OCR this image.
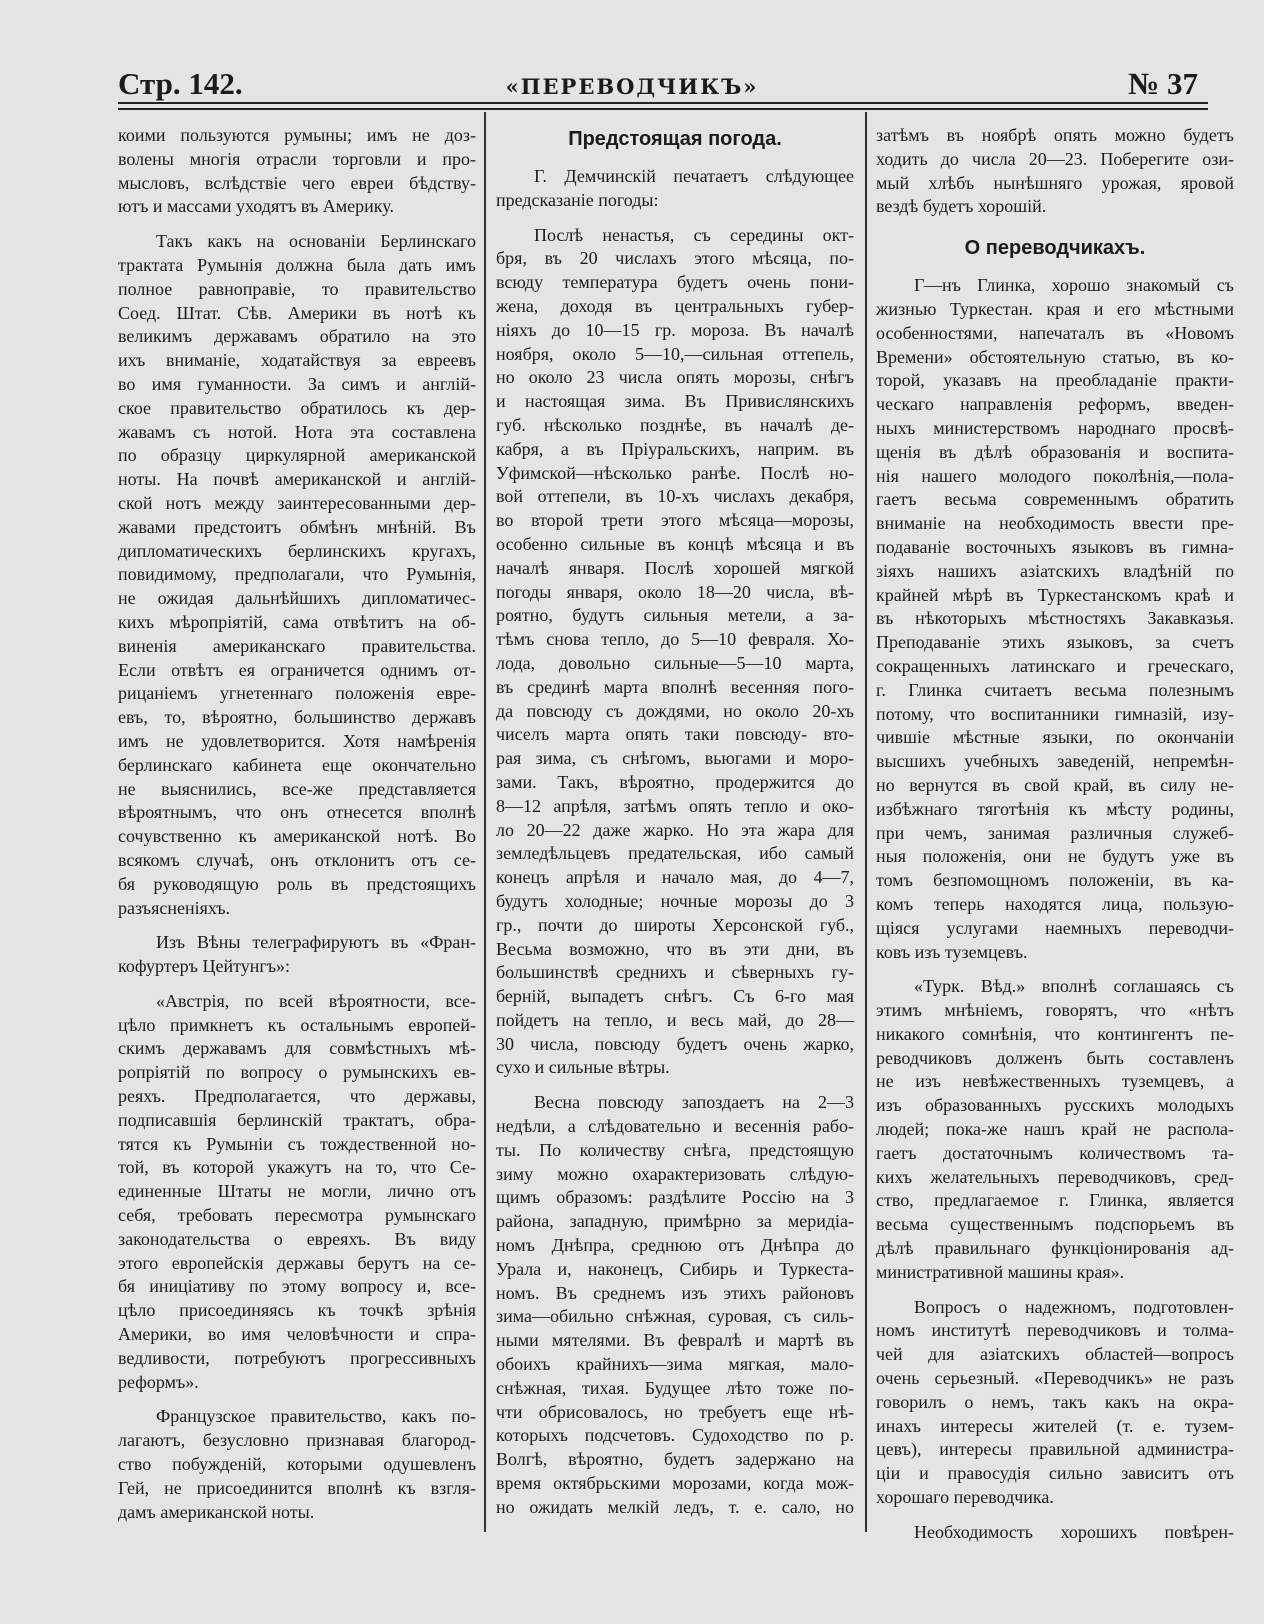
Стр. 142.	«ПЕРЕВОДЧИКЪ»	№ 37
коими пользуются румыны; имъ не доз-
волены многія отрасли торговли и про-
мысловъ, вслѣдствіе чего евреи бѣдству-
ютъ и массами уходятъ въ Америку.
Такъ какъ на основаніи Берлинскаго
трактата Румынія должна была дать имъ
полное равноправіе, то правительство
Соед. Штат. Сѣв. Америки въ нотѣ къ
великимъ державамъ обратило на это
ихъ вниманіе, ходатайствуя за евреевъ
во имя гуманности. За симъ и англій-
ское правительство обратилось къ дер-
жавамъ съ нотой. Нота эта составлена
по образцу циркулярной американской
ноты. На почвѣ американской и англій-
ской нотъ между заинтересованными дер-
жавами предстоитъ обмѣнъ мнѣній. Въ
дипломатическихъ берлинскихъ кругахъ,
повидимому, предполагали, что Румынія,
не ожидая дальнѣйшихъ дипломатичес-
кихъ мѣропріятій, сама отвѣтитъ на об-
виненія американскаго правительства.
Если отвѣтъ ея ограничется однимъ от-
рицаніемъ угнетеннаго положенія евре-
евъ, то, вѣроятно, большинство державъ
имъ не удовлетворится. Хотя намѣренія
берлинскаго кабинета еще окончательно
не выяснились, все-же представляется
вѣроятнымъ, что онъ отнесется вполнѣ
сочувственно къ американской нотѣ. Во
всякомъ случаѣ, онъ отклонитъ отъ се-
бя руководящую роль въ предстоящихъ
разъясненіяхъ.
Изъ Вѣны телеграфируютъ въ «Фран-
кофуртеръ Цейтунгъ»:
«Австрія, по всей вѣроятности, все-
цѣло примкнетъ къ остальнымъ европей-
скимъ державамъ для совмѣстныхъ мѣ-
ропріятій по вопросу о румынскихъ ев-
реяхъ. Предполагается, что державы,
подписавшія берлинскій трактатъ, обра-
тятся къ Румыніи съ тождественной но-
той, въ которой укажутъ на то, что Се-
единенные Штаты не могли, лично отъ
себя, требовать пересмотра румынскаго
законодательства о евреяхъ. Въ виду
этого европейскія державы берутъ на се-
бя иниціативу по этому вопросу и, все-
цѣло присоединяясь къ точкѣ зрѣнія
Америки, во имя человѣчности и спра-
ведливости, потребуютъ прогрессивныхъ
реформъ».
Французское правительство, какъ по-
лагаютъ, безусловно признавая благород-
ство побужденій, которыми одушевленъ
Гей, не присоединится вполнѣ къ взгля-
дамъ американской ноты.
Предстоящая погода.
Г. Демчинскій печатаетъ слѣдующее
предсказаніе погоды:
Послѣ ненастья, съ середины окт-
бря, въ 20 числахъ этого мѣсяца, по-
всюду температура будетъ очень пони-
жена, доходя въ центральныхъ губер-
ніяхъ до 10—15 гр. мороза. Въ началѣ
ноября, около 5—10,—сильная оттепель,
но около 23 числа опять морозы, снѣгъ
и настоящая зима. Въ Привислянскихъ
губ. нѣсколько позднѣе, въ началѣ де-
кабря, а въ Пріуральскихъ, наприм. въ
Уфимской—нѣсколько ранѣе. Послѣ но-
вой оттепели, въ 10-хъ числахъ декабря,
во второй трети этого мѣсяца—морозы,
особенно сильные въ концѣ мѣсяца и въ
началѣ января. Послѣ хорошей мягкой
погоды января, около 18—20 числа, вѣ-
роятно, будутъ сильныя метели, а за-
тѣмъ снова тепло, до 5—10 февраля. Хо-
лода, довольно сильные—5—10 марта,
въ срединѣ марта вполнѣ весенняя пого-
да повсюду съ дождями, но около 20-хъ
чиселъ марта опять таки повсюду- вто-
рая зима, съ снѣгомъ, вьюгами и моро-
зами. Такъ, вѣроятно, продержится до
8—12 апрѣля, затѣмъ опять тепло и око-
ло 20—22 даже жарко. Но эта жара для
земледѣльцевъ предательская, ибо самый
конецъ апрѣля и начало мая, до 4—7,
будутъ холодные; ночные морозы до 3
гр., почти до широты Херсонской губ.,
Весьма возможно, что въ эти дни, въ
большинствѣ среднихъ и сѣверныхъ гу-
берній, выпадетъ снѣгъ. Съ 6-го мая
пойдетъ на тепло, и весь май, до 28—
30 числа, повсюду будетъ очень жарко,
сухо и сильные вѣтры.
Весна повсюду запоздаетъ на 2—3
недѣли, а слѣдовательно и весеннія рабо-
ты. По количеству снѣга, предстоящую
зиму можно охарактеризовать слѣдую-
щимъ образомъ: раздѣлите Россію на 3
района, западную, примѣрно за меридіа-
номъ Днѣпра, среднюю отъ Днѣпра до
Урала и, наконецъ, Сибирь и Туркеста-
номъ. Въ среднемъ изъ этихъ районовъ
зима—обильно снѣжная, суровая, съ силь-
ными мятелями. Въ февралѣ и мартѣ въ
обоихъ крайнихъ—зима мягкая, мало-
снѣжная, тихая. Будущее лѣто тоже по-
чти обрисовалось, но требуетъ еще нѣ-
которыхъ подсчетовъ. Судоходство по р.
Волгѣ, вѣроятно, будетъ задержано на
время октябрьскими морозами, когда мож-
но ожидать мелкій ледъ, т. е. сало, но
затѣмъ въ ноябрѣ опять можно будетъ
ходить до числа 20—23. Поберегите ози-
мый хлѣбъ нынѣшняго урожая, яровой
вездѣ будетъ хорошій.
О переводчикахъ.
Г—нъ Глинка, хорошо знакомый съ
жизнью Туркестан. края и его мѣстными
особенностями, напечаталъ въ «Новомъ
Времени» обстоятельную статью, въ ко-
торой, указавъ на преобладаніе практи-
ческаго направленія реформъ, введен-
ныхъ министерствомъ народнаго просвѣ-
щенія въ дѣлѣ образованія и воспита-
нія нашего молодого поколѣнія,—пола-
гаетъ весьма современнымъ обратить
вниманіе на необходимость ввести пре-
подаваніе восточныхъ языковъ въ гимна-
зіяхъ нашихъ азіатскихъ владѣній по
крайней мѣрѣ въ Туркестанскомъ краѣ и
въ нѣкоторыхъ мѣстностяхъ Закавказья.
Преподаваніе этихъ языковъ, за счетъ
сокращенныхъ латинскаго и греческаго,
г. Глинка считаетъ весьма полезнымъ
потому, что воспитанники гимназій, изу-
чившіе мѣстные языки, по окончаніи
высшихъ учебныхъ заведеній, непремѣн-
но вернутся въ свой край, въ силу не-
избѣжнаго тяготѣнія къ мѣсту родины,
при чемъ, занимая различныя служеб-
ныя положенія, они не будутъ уже въ
томъ безпомощномъ положеніи, въ ка-
комъ теперь находятся лица, пользую-
щіяся услугами наемныхъ переводчи-
ковъ изъ туземцевъ.
«Турк. Вѣд.» вполнѣ соглашаясь съ
этимъ мнѣніемъ, говорятъ, что «нѣтъ
никакого сомнѣнія, что контингентъ пе-
реводчиковъ долженъ быть составленъ
не изъ невѣжественныхъ туземцевъ, а
изъ образованныхъ русскихъ молодыхъ
людей; пока-же нашъ край не распола-
гаетъ достаточнымъ количествомъ та-
кихъ желательныхъ переводчиковъ, сред-
ство, предлагаемое г. Глинка, является
весьма существеннымъ подспорьемъ въ
дѣлѣ правильнаго функціонированія ад-
министративной машины края».
Вопросъ о надежномъ, подготовлен-
номъ институтѣ переводчиковъ и толма-
чей для азіатскихъ областей—вопросъ
очень серьезный. «Переводчикъ» не разъ
говорилъ о немъ, такъ какъ на окра-
инахъ интересы жителей (т. е. тузем-
цевъ), интересы правильной администра-
ціи и правосудія сильно зависитъ отъ
хорошаго переводчика.
Необходимость хорошихъ повѣрен-
